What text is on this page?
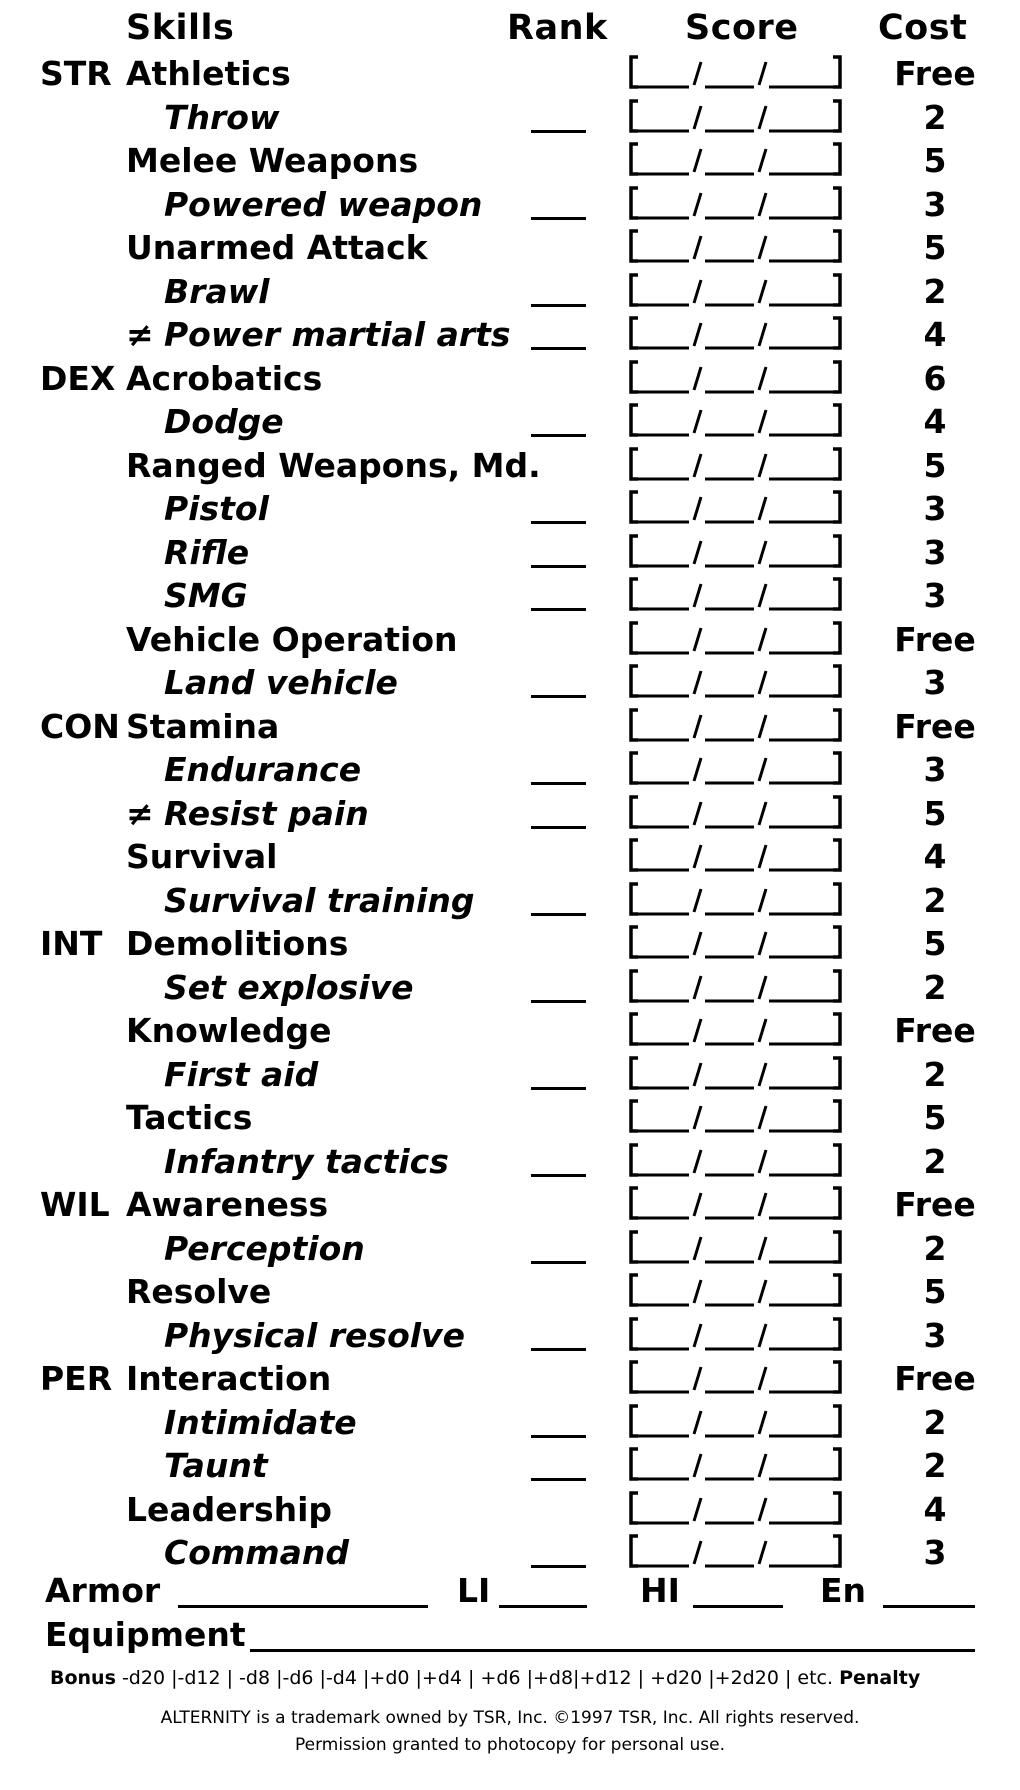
Skills	Rank Score Cost
STR Athletics	Free
Throw	2
Melee Weapons	5
Powered weapon	3
Unarmed Attack	5
Brawl	2
≠ Power martial arts	4
DEX Acrobatics	6
Dodge	4
Ranged Weapons, Md.	5
Pistol	3
Rifle	3
SMG	3
Vehicle Operation	Free
Land vehicle	3
CON Stamina	Free
Endurance	3
≠ Resist pain	5
Survival	4
Survival training	2
INT Demolitions	5
Set explosive	2
Knowledge	Free
First aid	2
Tactics	5
Infantry tactics	2
WIL Awareness	Free
Perception	2
Resolve	5
Physical resolve	3
PER Interaction	Free
Intimidate	2
Taunt	2
Leadership	4
Command	3
Armor	LI	HI	En
Equipment
Bonus -d20 |-d12 | -d8 |-d6 |-d4 |+d0 |+d4 | +d6 |+d8|+d12 | +d20 |+2d20 | etc. Penalty
ALTERNITY is a trademark owned by TSR, Inc. ©1997 TSR, Inc. All rights reserved.
Permission granted to photocopy for personal use.
